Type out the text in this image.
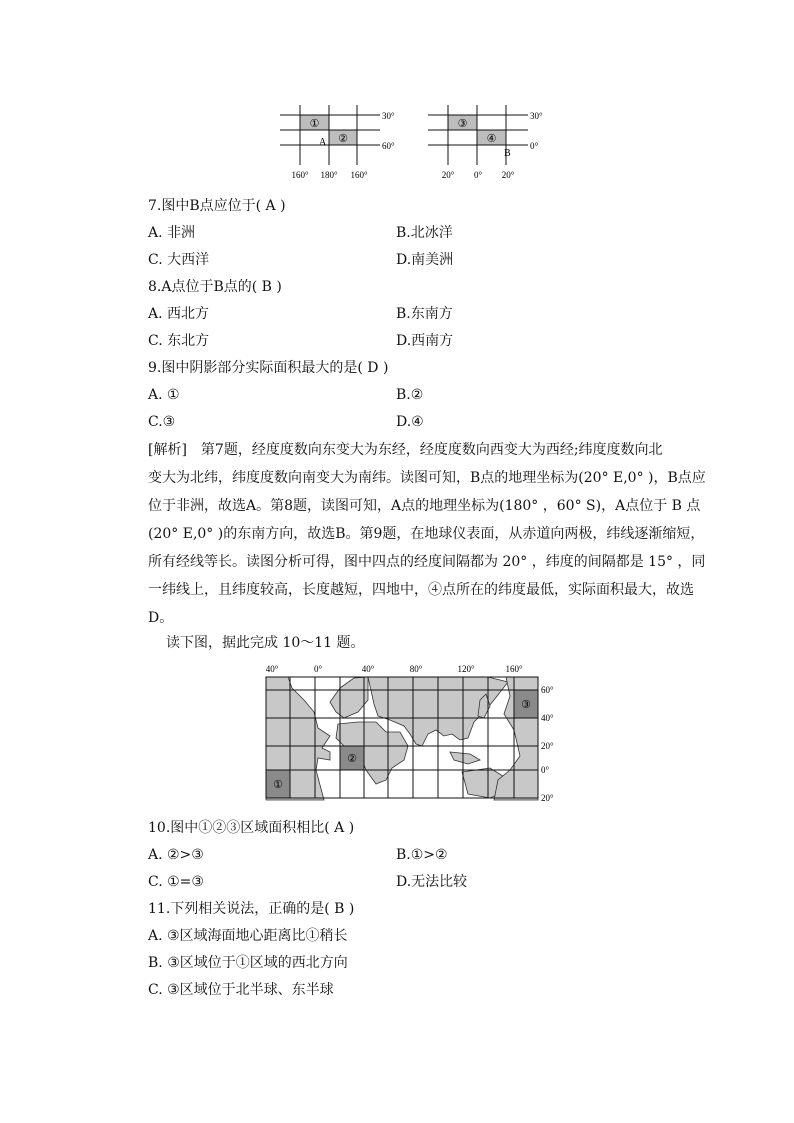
①
②
A
30°
60°
160° 180° 160°
③
④
B
30°
0°
20° 0° 20°
7.图中B点应位于( A )
A. 非洲	B.北冰洋
C. 大西洋	D.南美洲
8.A点位于B点的( B )
A. 西北方	B.东南方
C. 东北方	D.西南方
9.图中阴影部分实际面积最大的是( D )
A. ①	B.②
C.③	D.④
[解析]　第7题，经度度数向东变大为东经，经度度数向西变大为西经;纬度度数向北
变大为北纬，纬度度数向南变大为南纬。读图可知，B点的地理坐标为(20° E,0° )，B点应
位于非洲，故选A。第8题，读图可知，A点的地理坐标为(180° ，60° S)，A点位于 B 点
(20° E,0° )的东南方向，故选B。第9题，在地球仪表面，从赤道向两极，纬线逐渐缩短，
所有经线等长。读图分析可得，图中四点的经度间隔都为 20° ，纬度的间隔都是 15° ，同
一纬线上，且纬度较高，长度越短，四地中，④点所在的纬度最低，实际面积最大，故选
D。
读下图，据此完成 10～11 题。
①
②
③
40°	0°	40°	80°	120°	160°
60°
40°
20°
0°
20°
10.图中①②③区域面积相比( A )
A. ②>③	B.①>②
C. ①=③	D.无法比较
11.下列相关说法，正确的是( B )
A. ③区域海面地心距离比①稍长
B. ③区域位于①区域的西北方向
C. ③区域位于北半球、东半球
